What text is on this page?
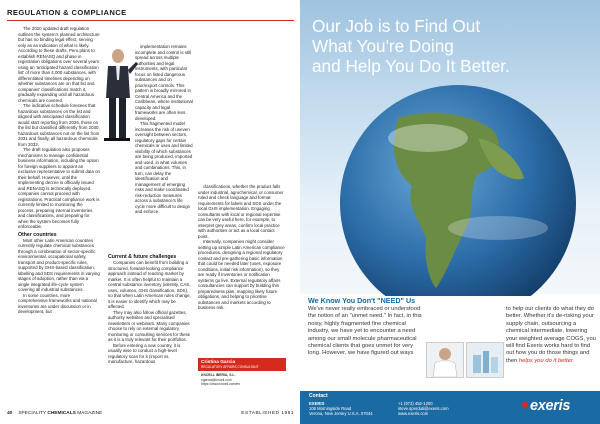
REGULATION & COMPLIANCE

The 2020 updated draft regulation outlines the system's planned architecture but has no binding legal effect, serving only as an indication of what is likely. According to these drafts, Peru plans to establish RENASQ and phase in registration obligations over several years using an 'anticipated hazard classification list' of more than 4,000 substances, with differentiated timelines depending on whether substances are on that list and companies' classifications match it, gradually expanding until all hazardous chemicals are covered.

The indicative schedule foresees that hazardous substances on the list and aligned with anticipated classification would start reporting from 2026, those on the list but classified differently from 2030, hazardous substances not on the list from 2031 and finally, all hazardous chemicals from 2032.

The draft regulation also proposes mechanisms to manage confidential business information, including the option for foreign suppliers to appoint an exclusive representative to submit data on their behalf. However, until the implementing decree is officially issued and RENASQ is technically deployed, companies cannot proceed with registrations. Practical compliance work is currently limited to monitoring the process, preparing internal inventories and classifications, and preparing for when the system becomes fully enforceable.

Other countries

Most other Latin American countries currently regulate chemical substances through a combination of sector-specific environmental, occupational safety, transport and product-specific rules, supported by GHS-based classification, labelling and SDS requirements in varying stages of adoption, rather than via a single integrated life-cycle system covering all industrial substances.

In some countries, more comprehensive frameworks and national inventories are under discussion or in development, but

implementation remains incomplete and control is still spread across multiple authorities and legal instruments, with particular focus on listed dangerous substances and on prior/export controls. This pattern is broadly mirrored in Central America and the Caribbean, where institutional capacity and legal frameworks are often less developed.

This fragmented model increases the risk of uneven oversight between sectors, regulatory gaps for certain chemicals or uses and limited visibility of which substances are being produced, imported and used, in what volumes and combinations. This, in turn, can delay the identification and management of emerging risks and make coordinated risk-reduction measures across a substance's life cycle more difficult to design and enforce.

Current & future challenges

Companies can benefit from building a structured, forward-looking compliance approach instead of reacting market by market. It is often helpful to maintain a central substance inventory (identity, CAS, uses, volumes, GHS classification, SDS), so that when Latin American rules change, it is easier to identify which may be affected.

They may also follow official gazettes, authority websites and specialised newsletters or webinars. Many companies choose to rely on external regulatory monitoring or consulting services for these as it is a truly relevant for their portfolios.

Before entering a new country, it is usually wise to conduct a high-level regulatory scan for it (import vs. manufacture, hazardous

classifications, whether the product falls under industrial, agrochemical, or consumer ruled and check language and format requirements for labels and SDS under the local GHS implementation. Engaging consultants with local or regional expertise can be very useful here, for example, to interpret grey areas, confirm local practice with authorities or act as a local contact point.

Internally, companies might consider setting up simple Latin American compliance procedures, designing a regional regulatory contact and pre-gathering basic information that could be needed later (uses, exposure conditions, initial risk information), so they are ready if inventories or notification systems go live. External regulatory affairs consultancies can support by building this preparedness plan, mapping likely future obligations, and helping to prioritise substances and markets according to business risk.

Cristina Garcia
REGULATORY AFFAIRS CONSULTANT
KNOELL IBERIA, S.L.
cgarcia@knoell.com
https://www.knoell.com/en
40 SPECIALITY CHEMICALS MAGAZINE	ESTABLISHED 1981
Our Job is to Find Out
What You're Doing
and Help You Do It Better.
We Know You Don't "NEED" Us
We've never really embraced or understood the notion of an "unmet need." In fact, in this noisy, highly fragmented fine chemical industry, we have yet to encounter a need among our small molecule pharmaceutical chemical clients that goes unmet for very long. However, we have figured out ways
to help our clients do what they do better. Whether it's de-risking your supply chain, outsourcing a chemical intermediate, lowering your weighted average COGS, you will find Exeris works hard to find out how you do those things and then helps you do it better.
Contact
EXERIS
106 Morningside Road
Verona, New Jersey U.S.A. 07044
+1 (973) 452-1200
steve.sperduti@exeris.com
www.exeris.com	exeris
